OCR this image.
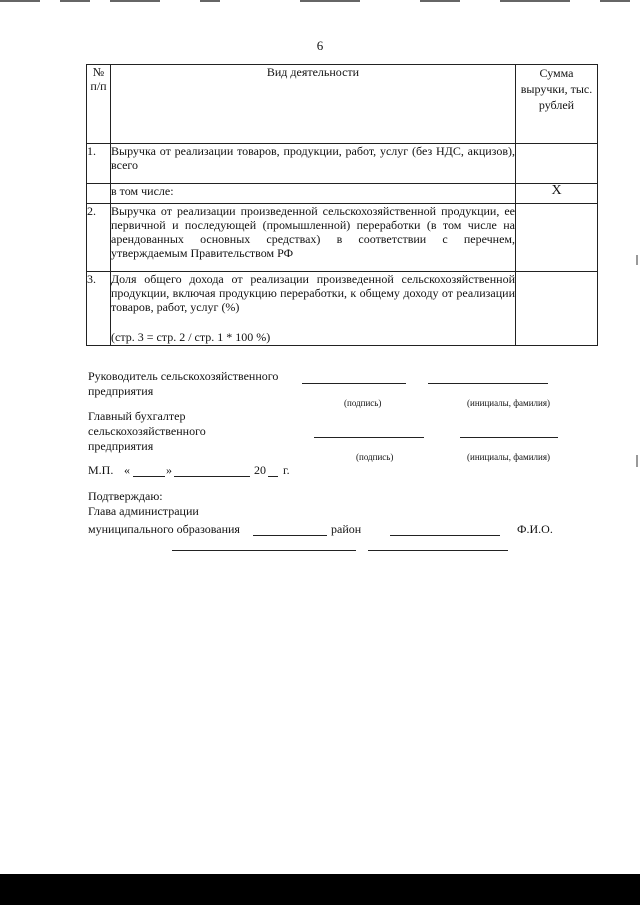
6
№ п/п	Вид деятельности	Сумма выручки, тыс. рублей
1.	Выручка от реализации товаров, продукции, работ, услуг (без НДС, акцизов), всего	
	в том числе:	Х
2.	Выручка от реализации произведенной сельскохозяйственной продукции, ее первичной и последующей (промышленной) переработки (в том числе на арендованных основных средствах) в соответствии с перечнем, утверждаемым Правительством РФ	
3.	Доля общего дохода от реализации произведенной сельскохозяйственной продукции, включая продукцию переработки, к общему доходу от реализации товаров, работ, услуг (%)
(стр. 3 = стр. 2 / стр. 1 * 100 %)	

Руководитель сельскохозяйственного
предприятия
(подпись)	(инициалы, фамилия)
Главный бухгалтер
сельскохозяйственного
предприятия
(подпись)	(инициалы, фамилия)
М.П. «	»	20 г.
Подтверждаю:
Глава администрации
муниципального образования	район	Ф.И.О.
